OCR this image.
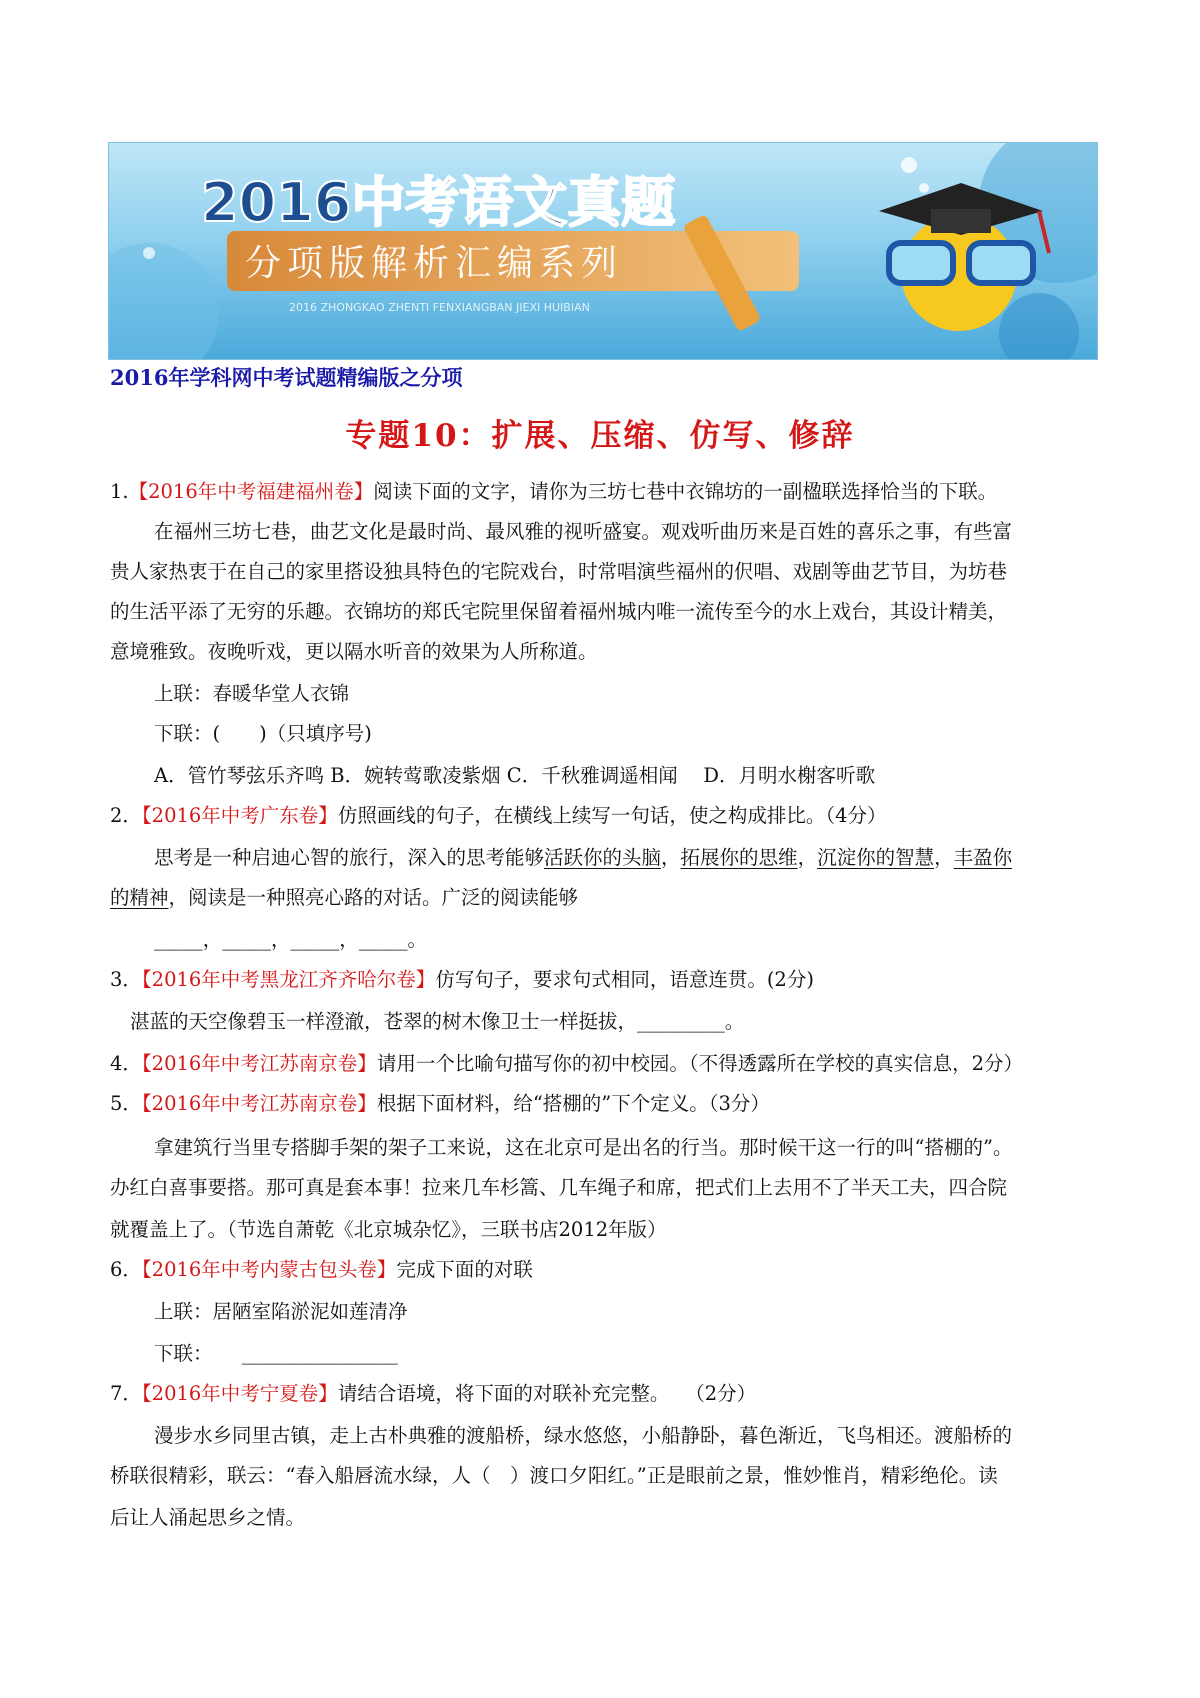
2016中考语文真题
分项版解析汇编系列
2016 ZHONGKAO ZHENTI FENXIANGBAN JIEXI HUIBIAN
2016年学科网中考试题精编版之分项
专题10：扩展、压缩、仿写、修辞
1.【2016年中考福建福州卷】阅读下面的文字，请你为三坊七巷中衣锦坊的一副楹联选择恰当的下联。
在福州三坊七巷，曲艺文化是最时尚、最风雅的视听盛宴。观戏听曲历来是百姓的喜乐之事，有些富
贵人家热衷于在自己的家里搭设独具特色的宅院戏台，时常唱演些福州的伬唱、戏剧等曲艺节目，为坊巷
的生活平添了无穷的乐趣。衣锦坊的郑氏宅院里保留着福州城内唯一流传至今的水上戏台，其设计精美，
意境雅致。夜晚听戏，更以隔水听音的效果为人所称道。
上联：春暖华堂人衣锦
下联：(　　)（只填序号)
A．管竹琴弦乐齐鸣 B．婉转莺歌凌紫烟 C．千秋雅调遥相闻　 D．月明水榭客听歌
2．【2016年中考广东卷】仿照画线的句子，在横线上续写一句话，使之构成排比。（4分）
思考是一种启迪心智的旅行，深入的思考能够活跃你的头脑，拓展你的思维，沉淀你的智慧，丰盈你
的精神，阅读是一种照亮心路的对话。广泛的阅读能够
_____，_____，_____，_____。
3．【2016年中考黑龙江齐齐哈尔卷】仿写句子，要求句式相同，语意连贯。(2分)
湛蓝的天空像碧玉一样澄澈，苍翠的树木像卫士一样挺拔，_________。
4．【2016年中考江苏南京卷】请用一个比喻句描写你的初中校园。（不得透露所在学校的真实信息，2分）
5．【2016年中考江苏南京卷】根据下面材料，给“搭棚的”下个定义。（3分）
拿建筑行当里专搭脚手架的架子工来说，这在北京可是出名的行当。那时候干这一行的叫“搭棚的”。
办红白喜事要搭。那可真是套本事！拉来几车杉篙、几车绳子和席，把式们上去用不了半天工夫，四合院
就覆盖上了。（节选自萧乾《北京城杂忆》，三联书店2012年版）
6．【2016年中考内蒙古包头卷】完成下面的对联
上联：居陋室陷淤泥如莲清净
下联：　　________________
7．【2016年中考宁夏卷】请结合语境，将下面的对联补充完整。　 （2分）
漫步水乡同里古镇，走上古朴典雅的渡船桥，绿水悠悠，小船静卧，暮色渐近，飞鸟相还。渡船桥的
桥联很精彩，联云：“春入船唇流水绿，人（　）渡口夕阳红。”正是眼前之景，惟妙惟肖，精彩绝伦。读
后让人涌起思乡之情。
